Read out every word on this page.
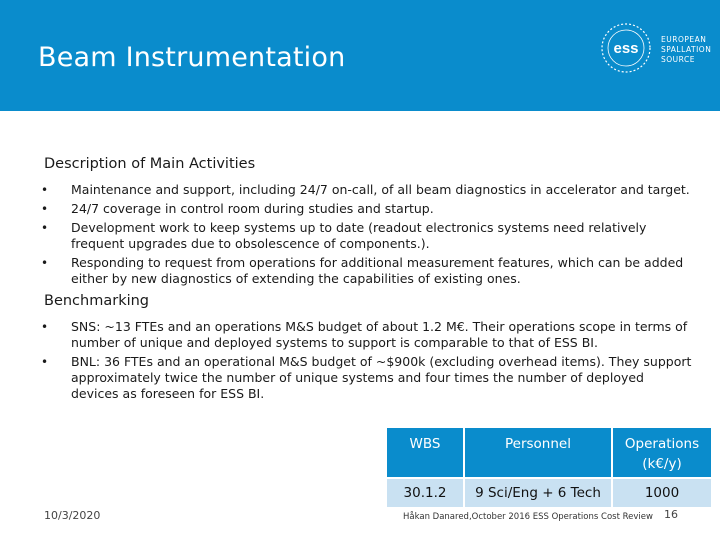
Beam Instrumentation	ess
EUROPEAN
SPALLATION
SOURCE
Description of Main Activities
• Maintenance and support, including 24/7 on-call, of all beam diagnostics in accelerator and target.
• 24/7 coverage in control room during studies and startup.
• Development work to keep systems up to date (readout electronics systems need relatively frequent upgrades due to obsolescence of components.).
• Responding to request from operations for additional measurement features, which can be added either by new diagnostics of extending the capabilities of existing ones.
Benchmarking
• SNS: ~13 FTEs and an operations M&S budget of about 1.2 M€. Their operations scope in terms of number of unique and deployed systems to support is comparable to that of ESS BI.
• BNL: 36 FTEs and an operational M&S budget of ~$900k (excluding overhead items). They support approximately twice the number of unique systems and four times the number of deployed devices as foreseen for ESS BI.
WBS	Personnel	Operations (k€/y)
30.1.2	9 Sci/Eng + 6 Tech	1000
10/3/2020	Håkan Danared,October 2016 ESS Operations Cost Review 16
